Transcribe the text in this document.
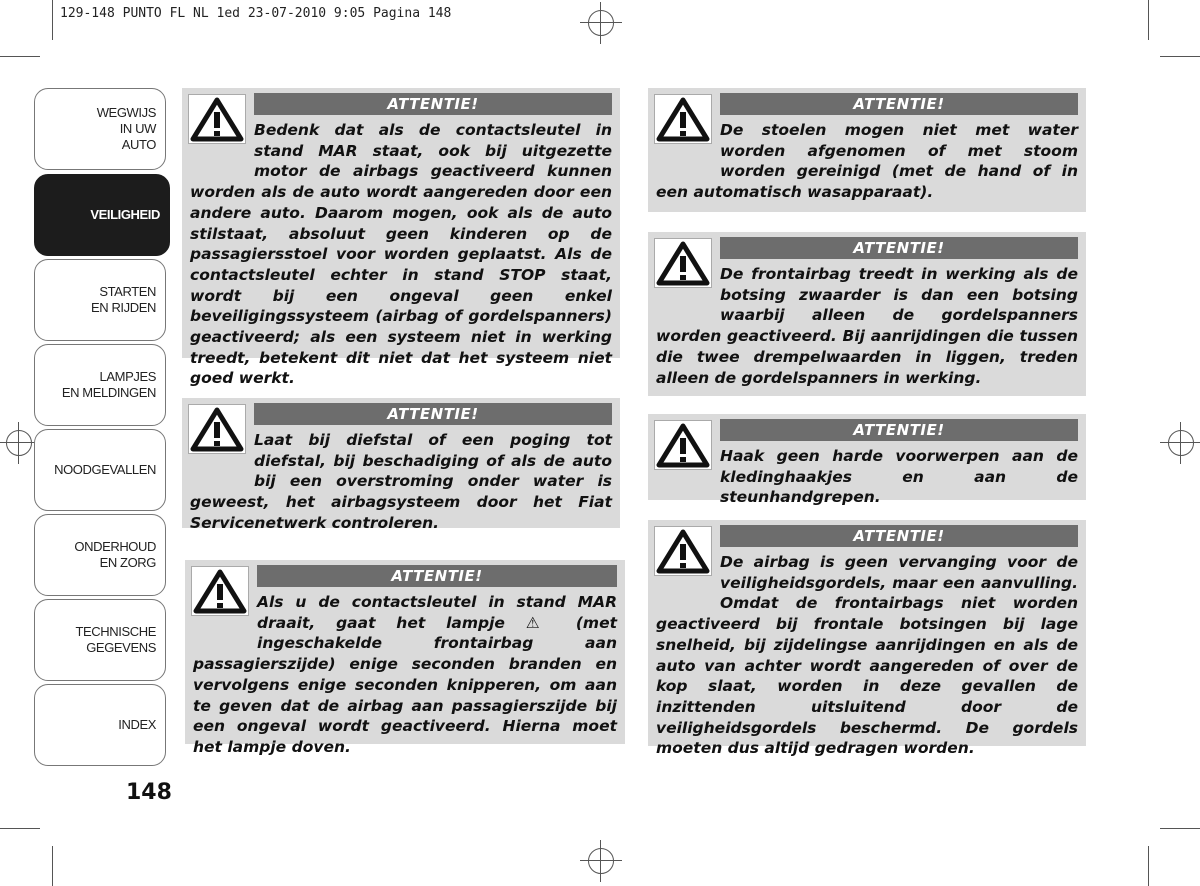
129-148 PUNTO FL NL 1ed 23-07-2010 9:05 Pagina 148
WEGWIJS
IN UW
AUTO
VEILIGHEID
STARTEN
EN RIJDEN
LAMPJES
EN MELDINGEN
NOODGEVALLEN
ONDERHOUD
EN ZORG
TECHNISCHE
GEGEVENS
INDEX
148
ATTENTIE!

Bedenk dat als de contactsleutel in stand MAR staat, ook bij uitgezette motor de airbags geactiveerd kunnen worden als de auto wordt aangereden door een andere auto. Daarom mogen, ook als de auto stilstaat, absoluut geen kinderen op de passagiersstoel voor worden geplaatst. Als de contactsleutel echter in stand STOP staat, wordt bij een ongeval geen enkel beveiligingssysteem (airbag of gordelspanners) geactiveerd; als een systeem niet in werking treedt, betekent dit niet dat het systeem niet goed werkt.

ATTENTIE!

Laat bij diefstal of een poging tot diefstal, bij beschadiging of als de auto bij een overstroming onder water is geweest, het airbagsysteem door het Fiat Servicenetwerk controleren.

ATTENTIE!

Als u de contactsleutel in stand MAR draait, gaat het lampje ⚠ (met ingeschakelde frontairbag aan passagierszijde) enige seconden branden en vervolgens enige seconden knipperen, om aan te geven dat de airbag aan passagierszijde bij een ongeval wordt geactiveerd. Hierna moet het lampje doven.

ATTENTIE!

De stoelen mogen niet met water worden afgenomen of met stoom worden gereinigd (met de hand of in een automatisch wasapparaat).

ATTENTIE!

De frontairbag treedt in werking als de botsing zwaarder is dan een botsing waarbij alleen de gordelspanners worden geactiveerd. Bij aanrijdingen die tussen die twee drempelwaarden in liggen, treden alleen de gordelspanners in werking.

ATTENTIE!

Haak geen harde voorwerpen aan de kledinghaakjes en aan de steunhandgrepen.

ATTENTIE!

De airbag is geen vervanging voor de veiligheidsgordels, maar een aanvulling. Omdat de frontairbags niet worden geactiveerd bij frontale botsingen bij lage snelheid, bij zijdelingse aanrijdingen en als de auto van achter wordt aangereden of over de kop slaat, worden in deze gevallen de inzittenden uitsluitend door de veiligheidsgordels beschermd. De gordels moeten dus altijd gedragen worden.
